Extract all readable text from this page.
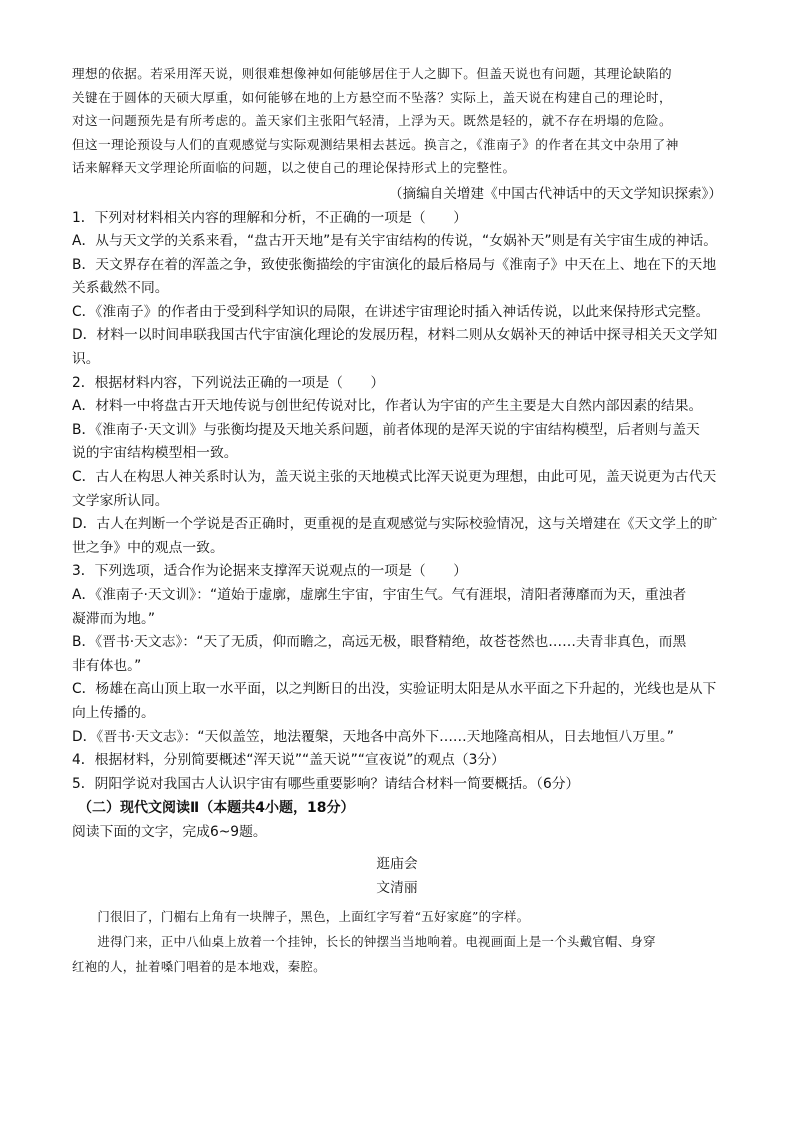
理想的依据。若采用浑天说，则很难想像神如何能够居住于人之脚下。但盖天说也有问题，其理论缺陷的

关键在于圆体的天硕大厚重，如何能够在地的上方悬空而不坠落？实际上，盖天说在构建自己的理论时，

对这一问题预先是有所考虑的。盖天家们主张阳气轻清，上浮为天。既然是轻的，就不存在坍塌的危险。

但这一理论预设与人们的直观感觉与实际观测结果相去甚远。换言之，《淮南子》的作者在其文中杂用了神

话来解释天文学理论所面临的问题，以之使自己的理论保持形式上的完整性。

（摘编自关增建《中国古代神话中的天文学知识探索》）

1．下列对材料相关内容的理解和分析，不正确的一项是（　　）

A．从与天文学的关系来看，“盘古开天地”是有关宇宙结构的传说，“女娲补天”则是有关宇宙生成的神话。

B．天文界存在着的浑盖之争，致使张衡描绘的宇宙演化的最后格局与《淮南子》中天在上、地在下的天地

关系截然不同。

C．《淮南子》的作者由于受到科学知识的局限，在讲述宇宙理论时插入神话传说，以此来保持形式完整。

D．材料一以时间串联我国古代宇宙演化理论的发展历程，材料二则从女娲补天的神话中探寻相关天文学知

识。

2．根据材料内容，下列说法正确的一项是（　　）

A．材料一中将盘古开天地传说与创世纪传说对比，作者认为宇宙的产生主要是大自然内部因素的结果。

B．《淮南子·天文训》与张衡均提及天地关系问题，前者体现的是浑天说的宇宙结构模型，后者则与盖天

说的宇宙结构模型相一致。

C．古人在构思人神关系时认为，盖天说主张的天地模式比浑天说更为理想，由此可见，盖天说更为古代天

文学家所认同。

D．古人在判断一个学说是否正确时，更重视的是直观感觉与实际校验情况，这与关增建在《天文学上的旷

世之争》中的观点一致。

3．下列选项，适合作为论据来支撑浑天说观点的一项是（　　）

A．《淮南子·天文训》：“道始于虚廓，虚廓生宇宙，宇宙生气。气有涯垠，清阳者薄靡而为天，重浊者

凝滞而为地。”

B．《晋书·天文志》：“天了无质，仰而瞻之，高远无极，眼瞀精绝，故苍苍然也……夫青非真色，而黑

非有体也。”

C．杨雄在高山顶上取一水平面，以之判断日的出没，实验证明太阳是从水平面之下升起的，光线也是从下

向上传播的。

D．《晋书·天文志》：“天似盖笠，地法覆槃，天地各中高外下……天地隆高相从，日去地恒八万里。”

4．根据材料，分别简要概述“浑天说”“盖天说”“宣夜说”的观点（3分）

5．阴阳学说对我国古人认识宇宙有哪些重要影响？请结合材料一简要概括。（6分）

（二）现代文阅读Ⅱ（本题共4小题，18分）

阅读下面的文字，完成6~9题。

逛庙会

文清丽

　　门很旧了，门楣右上角有一块牌子，黑色，上面红字写着“五好家庭”的字样。

　　进得门来，正中八仙桌上放着一个挂钟，长长的钟摆当当地响着。电视画面上是一个头戴官帽、身穿

红袍的人，扯着嗓门唱着的是本地戏，秦腔。
